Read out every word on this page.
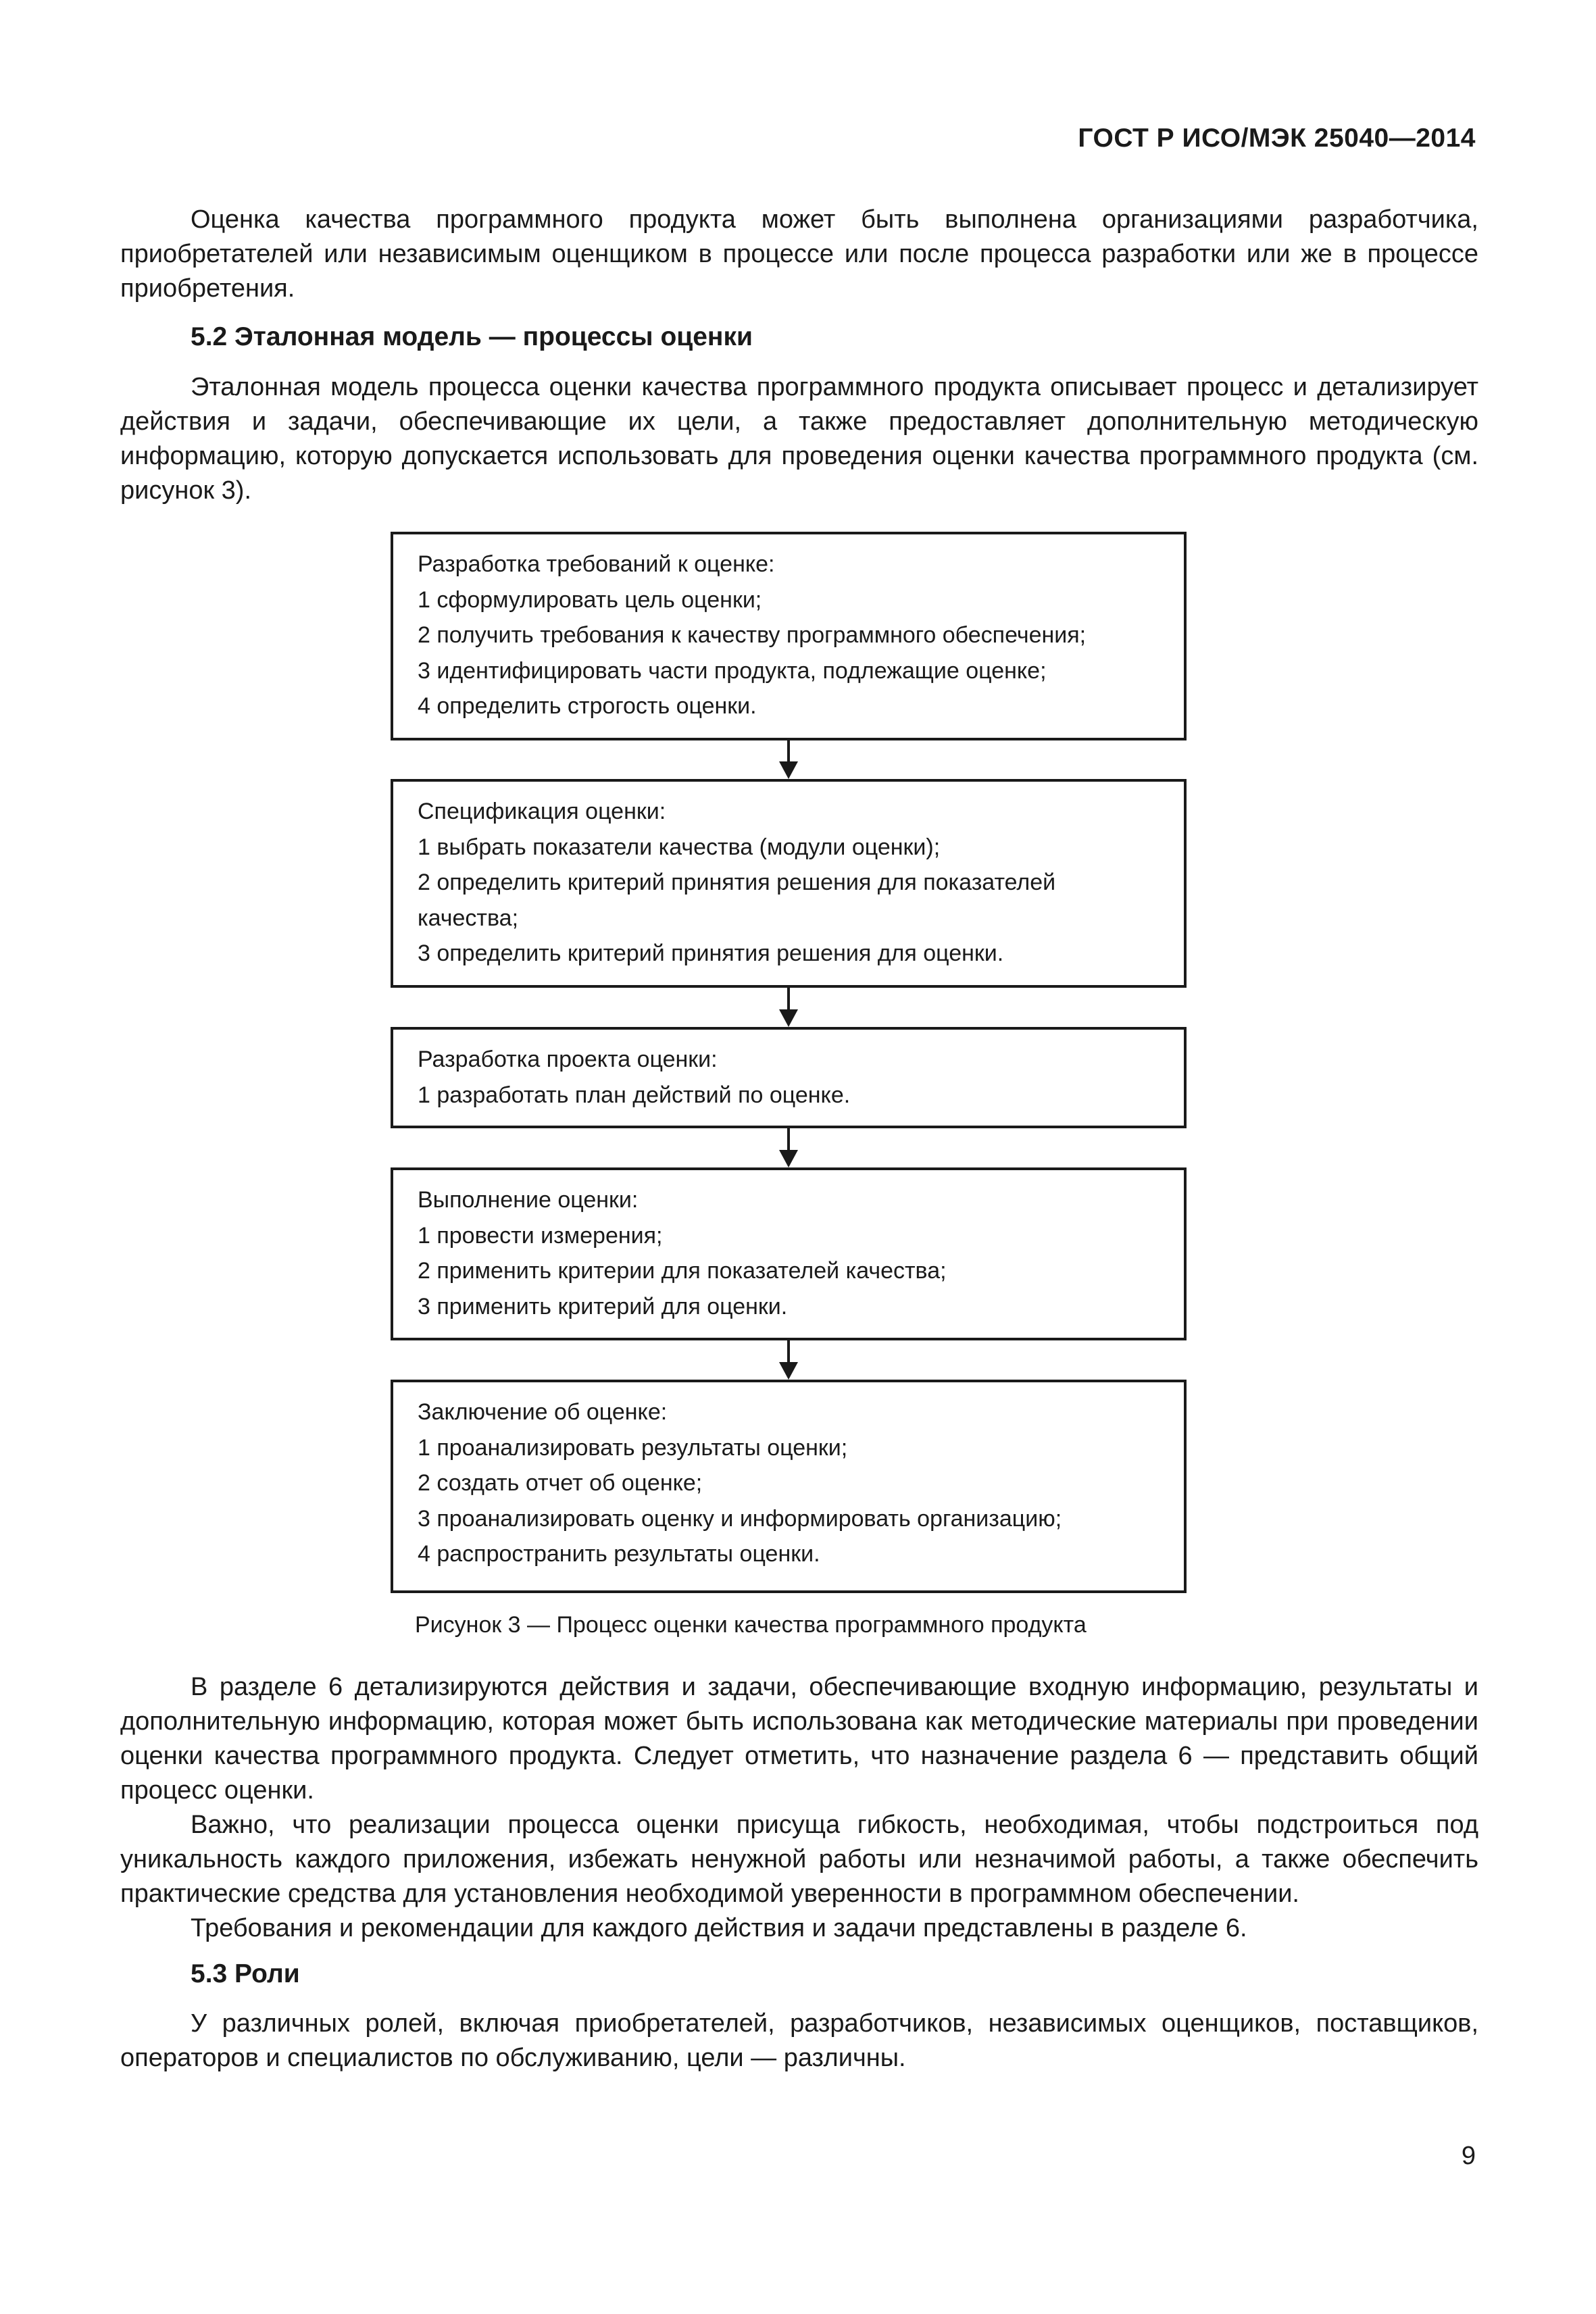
ГОСТ Р ИСО/МЭК 25040—2014

Оценка качества программного продукта может быть выполнена организациями разработчика, приобретателей или независимым оценщиком в процессе или после процесса разработки или же в процессе приобретения.

5.2 Эталонная модель — процессы оценки

Эталонная модель процесса оценки качества программного продукта описывает процесс и детализирует действия и задачи, обеспечивающие их цели, а также предоставляет дополнительную методическую информацию, которую допускается использовать для проведения оценки качества программного продукта (см. рисунок 3).

Разработка требований к оценке:
1 сформулировать цель оценки;
2 получить требования к качеству программного обеспечения;
3 идентифицировать части продукта, подлежащие оценке;
4 определить строгость оценки.
Спецификация оценки:
1 выбрать показатели качества (модули оценки);
2 определить критерий принятия решения для показателей
качества;
3 определить критерий принятия решения для оценки.
Разработка проекта оценки:
1 разработать план действий по оценке.
Выполнение оценки:
1 провести измерения;
2 применить критерии для показателей качества;
3 применить критерий для оценки.
Заключение об оценке:
1 проанализировать результаты оценки;
2 создать отчет об оценке;
3 проанализировать оценку и информировать организацию;
4 распространить результаты оценки.
Рисунок 3 — Процесс оценки качества программного продукта

В разделе 6 детализируются действия и задачи, обеспечивающие входную информацию, результаты и дополнительную информацию, которая может быть использована как методические материалы при проведении оценки качества программного продукта. Следует отметить, что назначение раздела 6 — представить общий процесс оценки.

Важно, что реализации процесса оценки присуща гибкость, необходимая, чтобы подстроиться под уникальность каждого приложения, избежать ненужной работы или незначимой работы, а также обеспечить практические средства для установления необходимой уверенности в программном обеспечении.

Требования и рекомендации для каждого действия и задачи представлены в разделе 6.

5.3 Роли

У различных ролей, включая приобретателей, разработчиков, независимых оценщиков, поставщиков, операторов и специалистов по обслуживанию, цели — различны.

9
